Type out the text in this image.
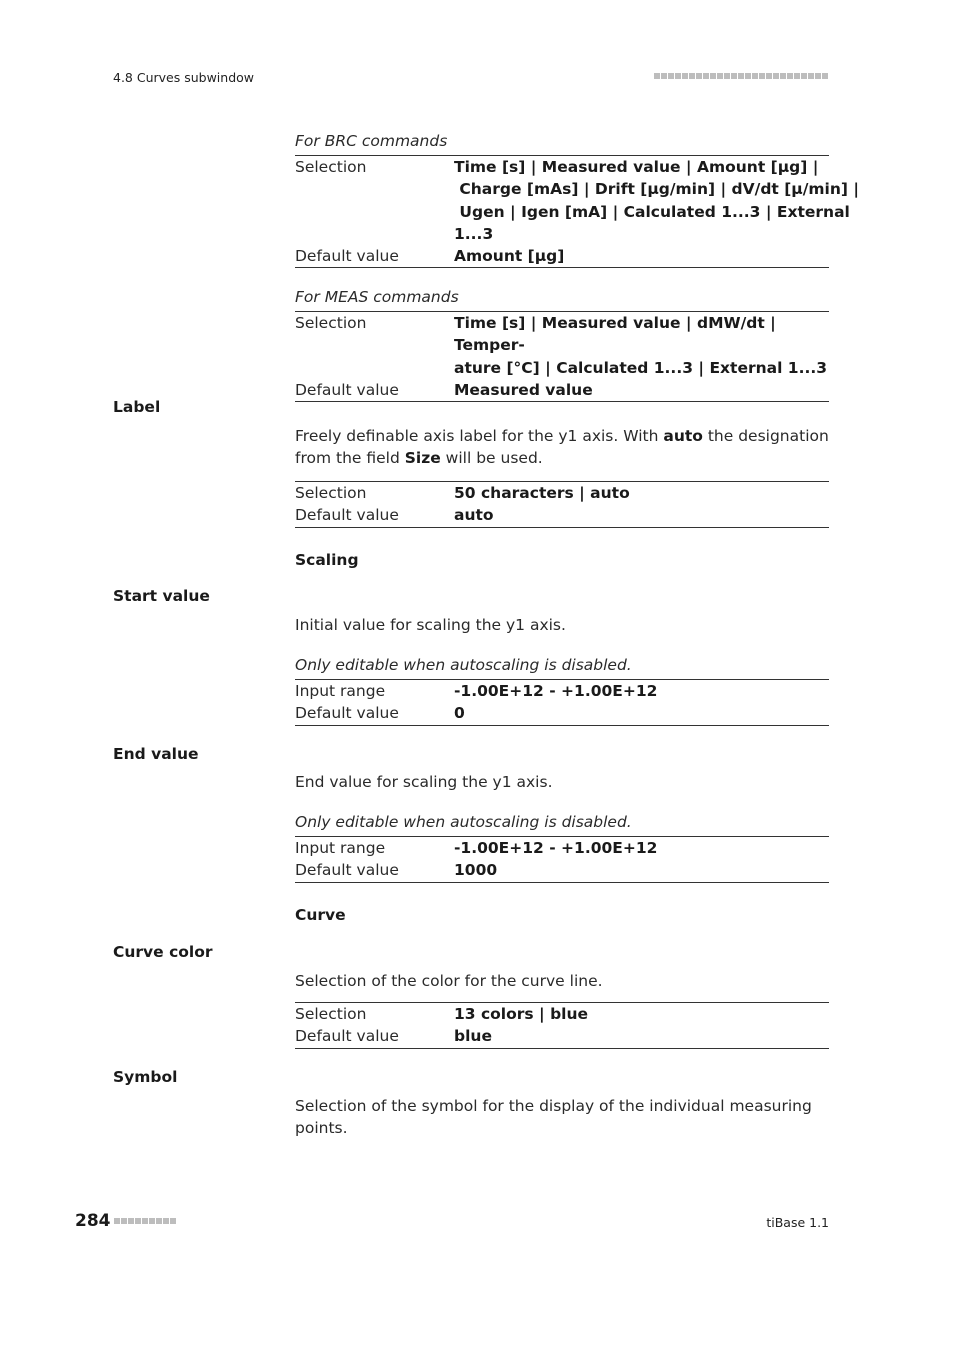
4.8 Curves subwindow
For BRC commands
Selection	Time [s] | Measured value | Amount [µg] |
Charge [mAs] | Drift [µg/min] | dV/dt [µ/min] |
Ugen | Igen [mA] | Calculated 1...3 | External
1...3
Default value	Amount [µg]
For MEAS commands
Selection	Time [s] | Measured value | dMW/dt | Temper-
ature [°C] | Calculated 1...3 | External 1...3
Default value	Measured value
Label
Freely definable axis label for the y1 axis. With auto the designation from the field Size will be used.
Selection	50 characters | auto
Default value	auto
Scaling
Start value
Initial value for scaling the y1 axis.
Only editable when autoscaling is disabled.
Input range	-1.00E+12 - +1.00E+12
Default value	0
End value
End value for scaling the y1 axis.
Only editable when autoscaling is disabled.
Input range	-1.00E+12 - +1.00E+12
Default value	1000
Curve
Curve color
Selection of the color for the curve line.
Selection	13 colors | blue
Default value	blue
Symbol
Selection of the symbol for the display of the individual measuring points.
284	tiBase 1.1
